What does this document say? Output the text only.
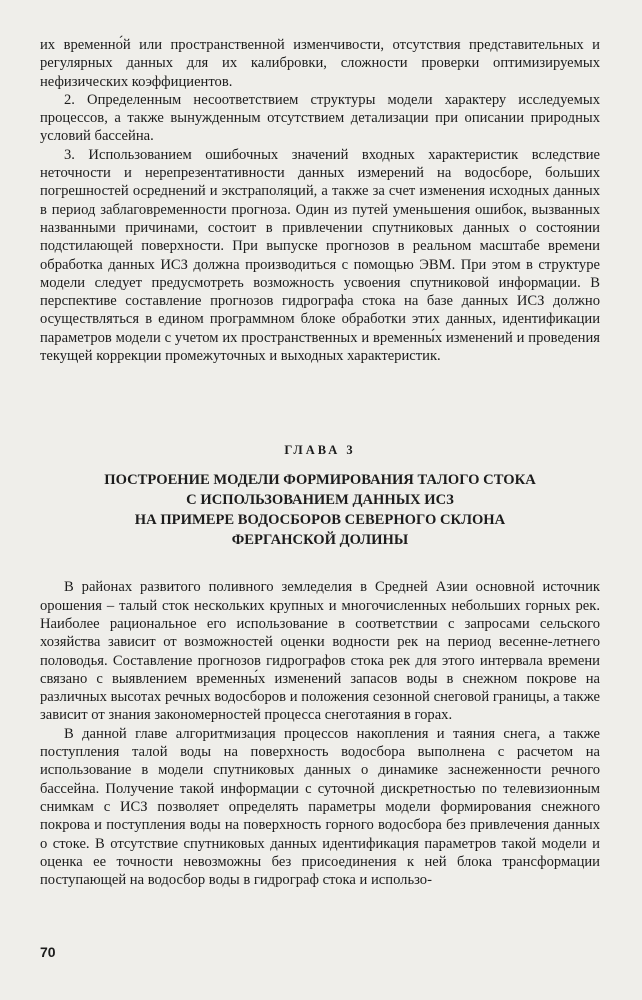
их временно́й или пространственной изменчивости, отсутствия представительных и регулярных данных для их калибровки, сложности проверки оптимизируемых нефизических коэффициентов.

2. Определенным несоответствием структуры модели характеру исследуемых процессов, а также вынужденным отсутствием детализации при описании природных условий бассейна.

3. Использованием ошибочных значений входных характеристик вследствие неточности и нерепрезентативности данных измерений на водосборе, больших погрешностей осреднений и экстраполяций, а также за счет изменения исходных данных в период заблаговременности прогноза. Один из путей уменьшения ошибок, вызванных названными причинами, состоит в привлечении спутниковых данных о состоянии подстилающей поверхности. При выпуске прогнозов в реальном масштабе времени обработка данных ИСЗ должна производиться с помощью ЭВМ. При этом в структуре модели следует предусмотреть возможность усвоения спутниковой информации. В перспективе составление прогнозов гидрографа стока на базе данных ИСЗ должно осуществляться в едином программном блоке обработки этих данных, идентификации параметров модели с учетом их пространственных и временны́х изменений и проведения текущей коррекции промежуточных и выходных характеристик.

ГЛАВА 3
ПОСТРОЕНИЕ МОДЕЛИ ФОРМИРОВАНИЯ ТАЛОГО СТОКА
С ИСПОЛЬЗОВАНИЕМ ДАННЫХ ИСЗ
НА ПРИМЕРЕ ВОДОСБОРОВ СЕВЕРНОГО СКЛОНА
ФЕРГАНСКОЙ ДОЛИНЫ

В районах развитого поливного земледелия в Средней Азии основной источник орошения – талый сток нескольких крупных и многочисленных небольших горных рек. Наиболее рациональное его использование в соответствии с запросами сельского хозяйства зависит от возможностей оценки водности рек на период весенне-летнего половодья. Составление прогнозов гидрографов стока рек для этого интервала времени связано с выявлением временны́х изменений запасов воды в снежном покрове на различных высотах речных водосборов и положения сезонной снеговой границы, а также зависит от знания закономерностей процесса снеготаяния в горах.

В данной главе алгоритмизация процессов накопления и таяния снега, а также поступления талой воды на поверхность водосбора выполнена с расчетом на использование в модели спутниковых данных о динамике заснеженности речного бассейна. Получение такой информации с суточной дискретностью по телевизионным снимкам с ИСЗ позволяет определять параметры модели формирования снежного покрова и поступления воды на поверхность горного водосбора без привлечения данных о стоке. В отсутствие спутниковых данных идентификация параметров такой модели и оценка ее точности невозможны без присоединения к ней блока трансформации поступающей на водосбор воды в гидрограф стока и использо-

70
